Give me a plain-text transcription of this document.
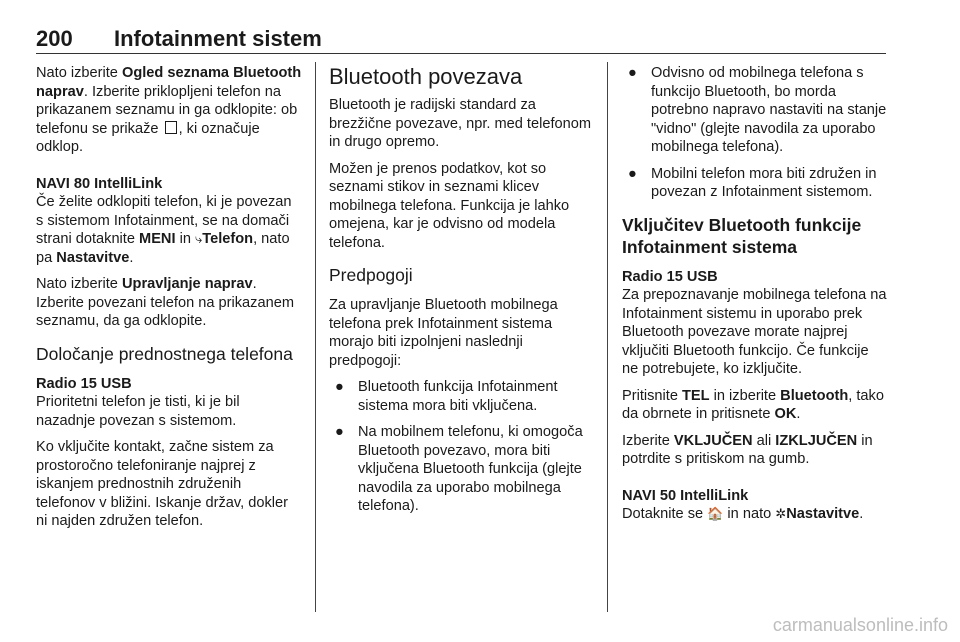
200 Infotainment sistem

Nato izberite Ogled seznama Bluetooth naprav. Izberite priklopljeni telefon na prikazanem seznamu in ga odklopite: ob telefonu se prikaže , ki označuje odklop.

NAVI 80 IntelliLink

Če želite odklopiti telefon, ki je povezan s sistemom Infotainment, se na domači strani dotaknite MENI in ⤷Telefon, nato pa Nastavitve.

Nato izberite Upravljanje naprav. Izberite povezani telefon na prikazanem seznamu, da ga odklopite.

Določanje prednostnega telefona

Radio 15 USB

Prioritetni telefon je tisti, ki je bil nazadnje povezan s sistemom.

Ko vključite kontakt, začne sistem za prostoročno telefoniranje najprej z iskanjem prednostnih združenih telefonov v bližini. Iskanje držav, dokler ni najden združen telefon.

Bluetooth povezava

Bluetooth je radijski standard za brezžične povezave, npr. med telefonom in drugo opremo.

Možen je prenos podatkov, kot so seznami stikov in seznami klicev mobilnega telefona. Funkcija je lahko omejena, kar je odvisno od modela telefona.

Predpogoji

Za upravljanje Bluetooth mobilnega telefona prek Infotainment sistema morajo biti izpolnjeni naslednji predpogoji:

● Bluetooth funkcija Infotainment sistema mora biti vključena.
● Na mobilnem telefonu, ki omogoča Bluetooth povezavo, mora biti vključena Bluetooth funkcija (glejte navodila za uporabo mobilnega telefona).
● Odvisno od mobilnega telefona s funkcijo Bluetooth, bo morda potrebno napravo nastaviti na stanje "vidno" (glejte navodila za uporabo mobilnega telefona).
● Mobilni telefon mora biti združen in povezan z Infotainment sistemom.
Vključitev Bluetooth funkcije Infotainment sistema

Radio 15 USB

Za prepoznavanje mobilnega telefona na Infotainment sistemu in uporabo prek Bluetooth povezave morate najprej vključiti Bluetooth funkcijo. Če funkcije ne potrebujete, ko izključite.

Pritisnite TEL in izberite Bluetooth, tako da obrnete in pritisnete OK.

Izberite VKLJUČEN ali IZKLJUČEN in potrdite s pritiskom na gumb.

NAVI 50 IntelliLink

Dotaknite se 🏠 in nato ✲Nastavitve.

carmanualsonline.info
